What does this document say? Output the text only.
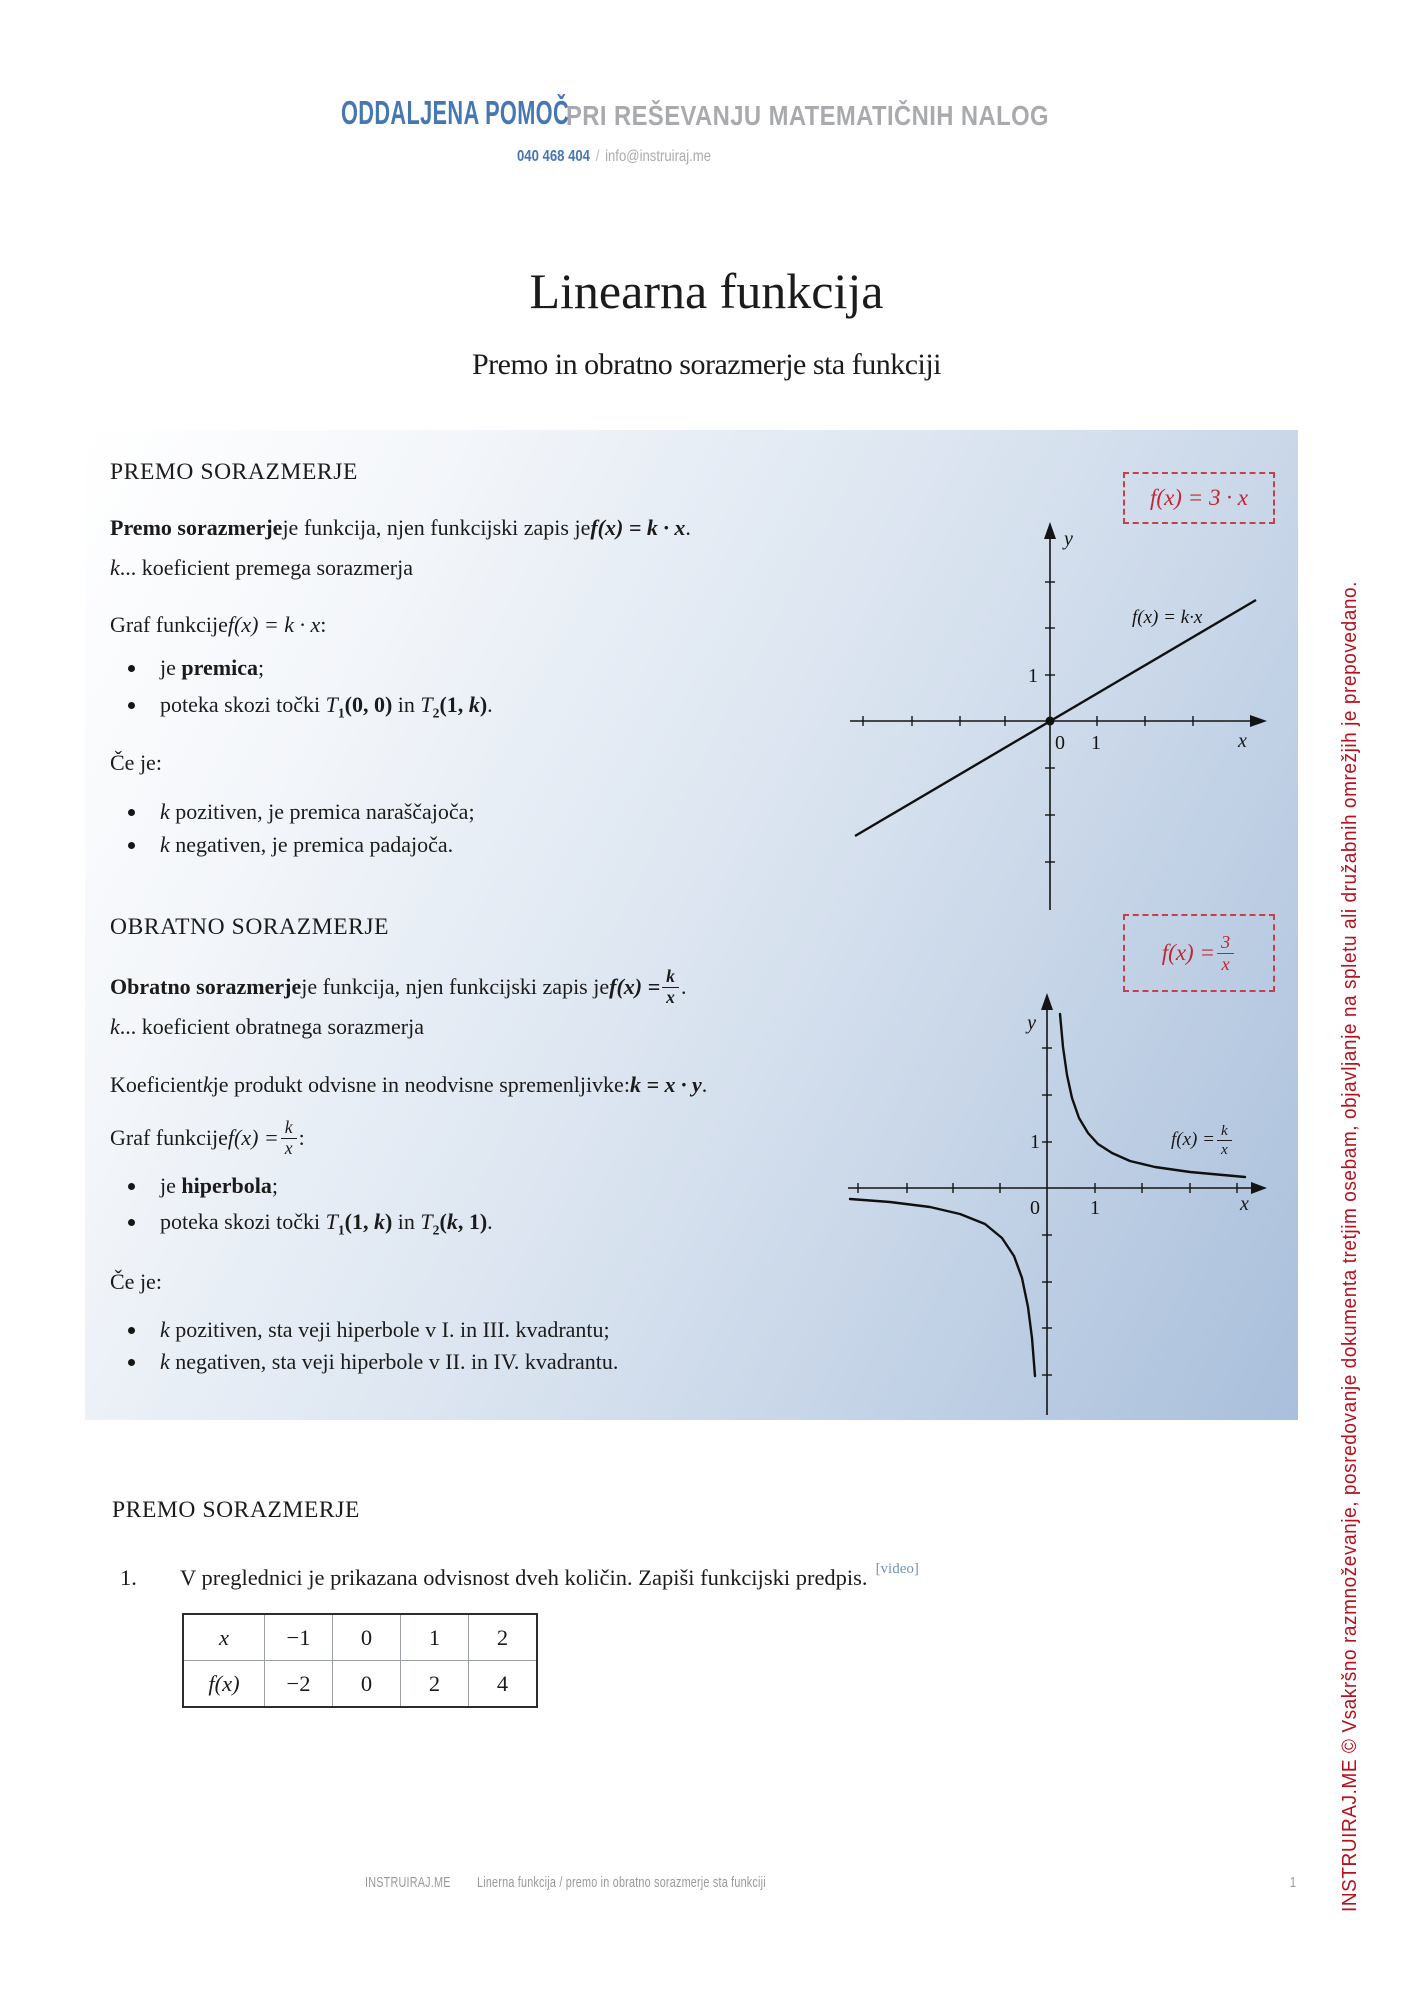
ODDALJENA POMOČ
PRI REŠEVANJU MATEMATIČNIH NALOG
040 468 404 / info@instruiraj.me
Linearna funkcija
Premo in obratno sorazmerje sta funkciji
PREMO SORAZMERJE
Premo sorazmerje je funkcija, njen funkcijski zapis je f(x) = k · x .
k ... koeficient premega sorazmerja
Graf funkcije f(x) = k · x :
je premica;
poteka skozi točki $T_1(0$, 0) in $T_2(1$, k).
Če je:
k pozitiven, je premica naraščajoča;
k negativen, je premica padajoča.
OBRATNO SORAZMERJE
Obratno sorazmerje je funkcija, njen funkcijski zapis je $f(x) = \frac{k}{x}$ .
k ... koeficient obratnega sorazmerja
Koeficient k je produkt odvisne in neodvisne spremenljivke: k = x · y .
Graf funkcije $f(x) = \frac{k}{x}$ :
je hiperbola;
poteka skozi točki $T_1(1$, k) in $T_2(k$, 1).
Če je:
k pozitiven, sta veji hiperbole v I. in III. kvadrantu;
k negativen, sta veji hiperbole v II. in IV. kvadrantu.
f(x) = 3 · x
$f(x) = \frac{3}{x}$
y
x
0 1
1
f(x) = k·x
y
x
0	1
1	$f(x) = \frac{k}{x}$
PREMO SORAZMERJE
1.	V preglednici je prikazana odvisnost dveh količin. Zapiši funkcijski predpis. [video]
x	−1	0	1	2
f(x)	−2	0	2	4
INSTRUIRAJ.ME Linerna funkcija / premo in obratno sorazmerje sta funkciji	1 INSTRUIRAJ.ME © Vsakršno razmnoževanje, posredovanje dokumenta tretjim osebam, objavljanje na spletu ali družabnih omrežjih je prepovedano.
